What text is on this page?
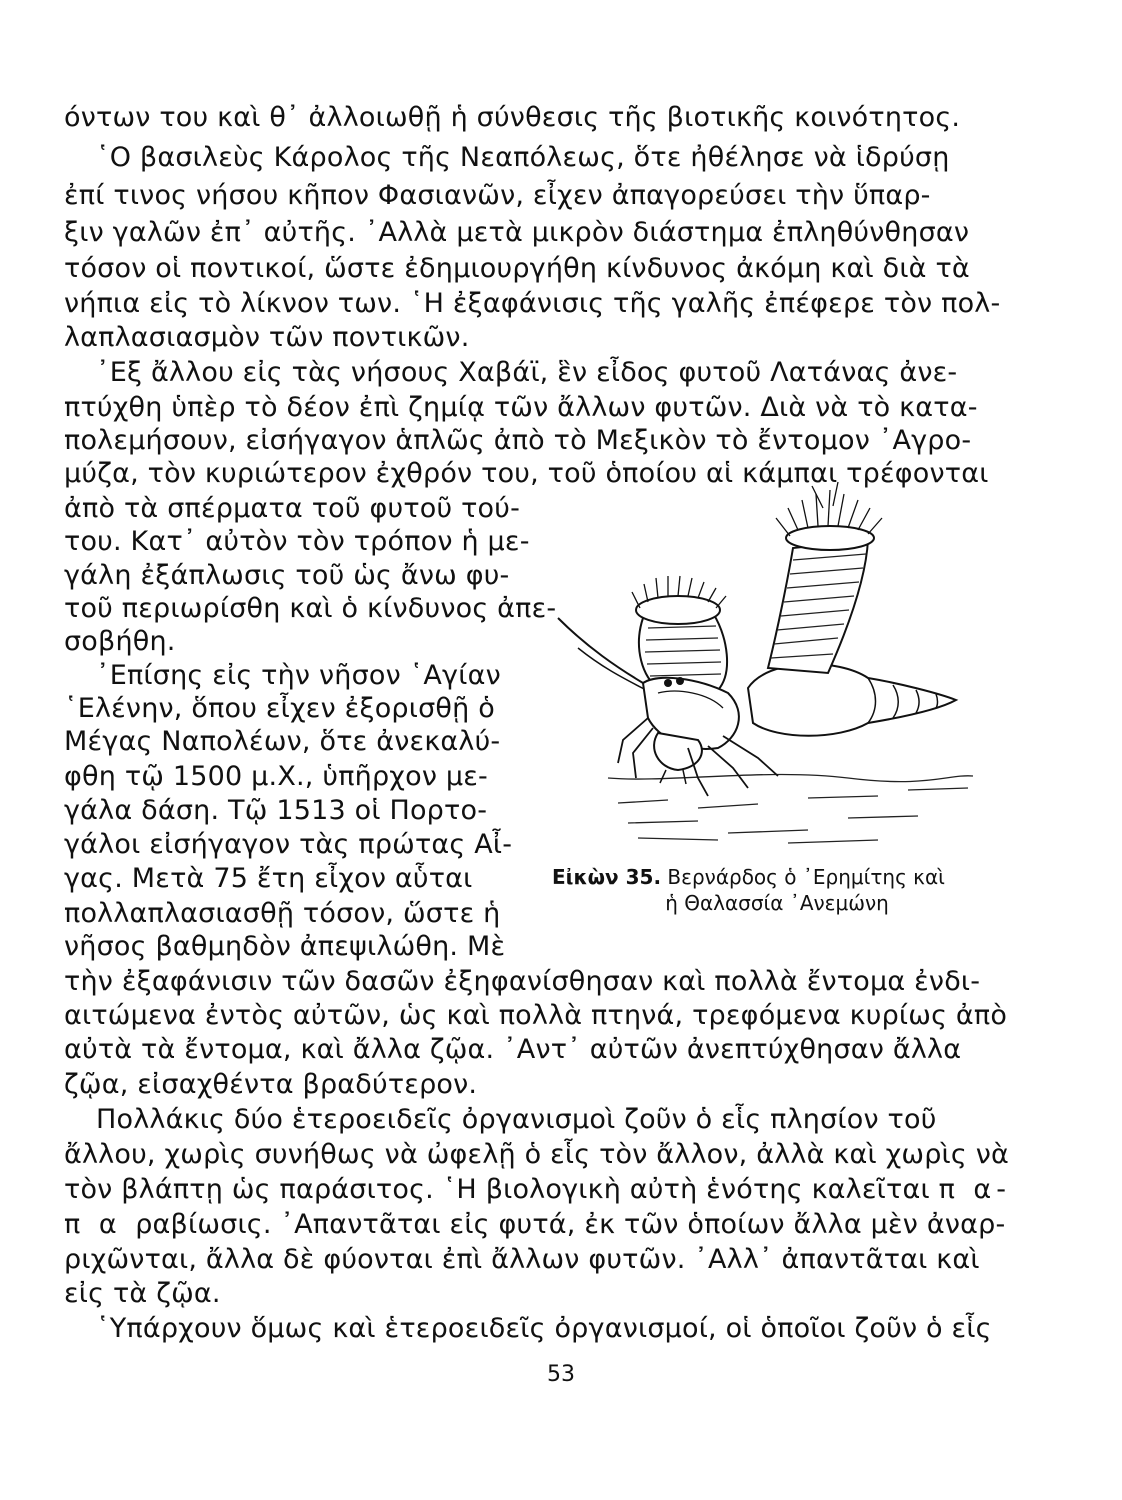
όντων του καὶ θ᾽ ἀλλοιωθῇ ἡ σύνθεσις τῆς βιοτικῆς κοινότητος.
῾Ο βασιλεὺς Κάρολος τῆς Νεαπόλεως, ὅτε ἠθέλησε νὰ ἱδρύσῃ
ἐπί τινος νήσου κῆπον Φασιανῶν, εἶχεν ἀπαγορεύσει τὴν ὕπαρ-
ξιν γαλῶν ἐπ᾽ αὐτῆς. ᾽Αλλὰ μετὰ μικρὸν διάστημα ἐπληθύνθησαν
τόσον οἱ ποντικοί, ὥστε ἐδημιουργήθη κίνδυνος ἀκόμη καὶ διὰ τὰ
νήπια εἰς τὸ λίκνον των. ῾Η ἐξαφάνισις τῆς γαλῆς ἐπέφερε τὸν πολ-
λαπλασιασμὸν τῶν ποντικῶν.
᾽Εξ ἄλλου εἰς τὰς νήσους Χαβάϊ, ἓν εἶδος φυτοῦ Λατάνας ἀνε-
πτύχθη ὑπὲρ τὸ δέον ἐπὶ ζημίᾳ τῶν ἄλλων φυτῶν. Διὰ νὰ τὸ κατα-
πολεμήσουν, εἰσήγαγον ἁπλῶς ἀπὸ τὸ Μεξικὸν τὸ ἔντομον ᾽Αγρο-
μύζα, τὸν κυριώτερον ἐχθρόν του, τοῦ ὁποίου αἱ κάμπαι τρέφονται
ἀπὸ τὰ σπέρματα τοῦ φυτοῦ τού-
του. Κατ᾽ αὐτὸν τὸν τρόπον ἡ με-
γάλη ἐξάπλωσις τοῦ ὡς ἄνω φυ-
τοῦ περιωρίσθη καὶ ὁ κίνδυνος ἀπε-
σοβήθη.
᾽Επίσης εἰς τὴν νῆσον ῾Αγίαν
῾Ελένην, ὅπου εἶχεν ἐξορισθῇ ὁ
Μέγας Ναπολέων, ὅτε ἀνεκαλύ-
φθη τῷ 1500 μ.Χ., ὑπῆρχον με-
γάλα δάση. Τῷ 1513 οἱ Πορτο-
γάλοι εἰσήγαγον τὰς πρώτας Αἶ-
γας. Μετὰ 75 ἔτη εἶχον αὗται
πολλαπλασιασθῇ τόσον, ὥστε ἡ
νῆσος βαθμηδὸν ἀπεψιλώθη. Μὲ
τὴν ἐξαφάνισιν τῶν δασῶν ἐξηφανίσθησαν καὶ πολλὰ ἔντομα ἐνδι-
αιτώμενα ἐντὸς αὐτῶν, ὡς καὶ πολλὰ πτηνά, τρεφόμενα κυρίως ἀπὸ
αὐτὰ τὰ ἔντομα, καὶ ἄλλα ζῷα. ᾽Αντ᾽ αὐτῶν ἀνεπτύχθησαν ἄλλα
ζῷα, εἰσαχθέντα βραδύτερον.
Πολλάκις δύο ἑτεροειδεῖς ὀργανισμοὶ ζοῦν ὁ εἷς πλησίον τοῦ
ἄλλου, χωρὶς συνήθως νὰ ὠφελῇ ὁ εἷς τὸν ἄλλον, ἀλλὰ καὶ χωρὶς νὰ
τὸν βλάπτῃ ὡς παράσιτος. ῾Η βιολογικὴ αὐτὴ ἑνότης καλεῖται π α-
π α ραβίωσις. ᾽Απαντᾶται εἰς φυτά, ἐκ τῶν ὁποίων ἄλλα μὲν ἀναρ-
ριχῶνται, ἄλλα δὲ φύονται ἐπὶ ἄλλων φυτῶν. ᾽Αλλ᾽ ἀπαντᾶται καὶ
εἰς τὰ ζῷα.
῾Υπάρχουν ὅμως καὶ ἑτεροειδεῖς ὀργανισμοί, οἱ ὁποῖοι ζοῦν ὁ εἷς
Εἰκὼν 35. Βερνάρδος ὁ ᾽Ερημίτης καὶ
ἡ Θαλασσία ᾽Ανεμώνη
53
